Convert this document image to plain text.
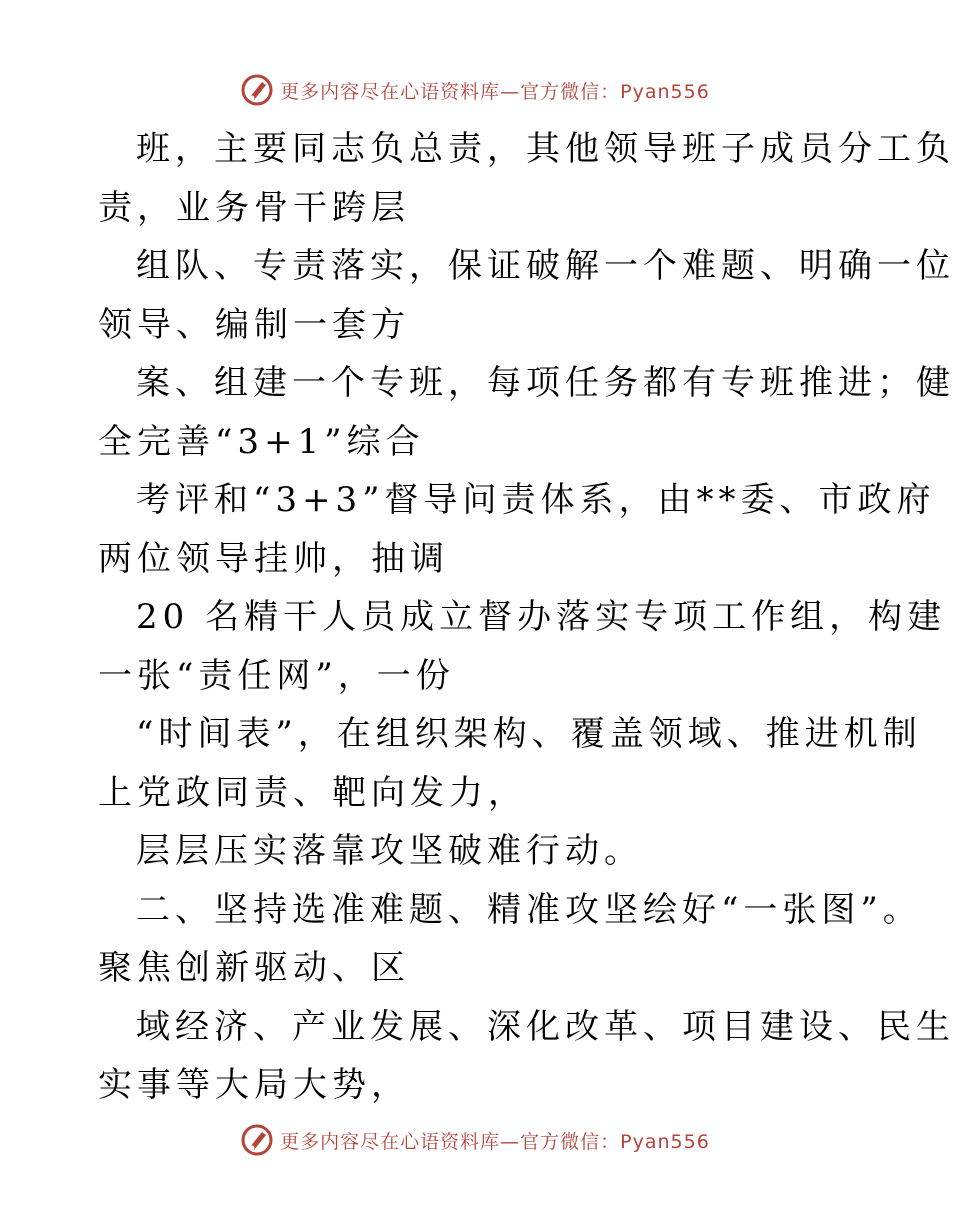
更多内容尽在心语资料库—官方微信：Pyan556

班，主要同志负总责，其他领导班子成员分工负

责，业务骨干跨层

组队、专责落实，保证破解一个难题、明确一位

领导、编制一套方

案、组建一个专班，每项任务都有专班推进；健

全完善“3+1”综合

考评和“3+3”督导问责体系，由**委、市政府

两位领导挂帅，抽调

20 名精干人员成立督办落实专项工作组，构建

一张“责任网”，一份

“时间表”，在组织架构、覆盖领域、推进机制

上党政同责、靶向发力，

层层压实落靠攻坚破难行动。

二、坚持选准难题、精准攻坚绘好“一张图”。

聚焦创新驱动、区

域经济、产业发展、深化改革、项目建设、民生

实事等大局大势，

更多内容尽在心语资料库—官方微信：Pyan556
